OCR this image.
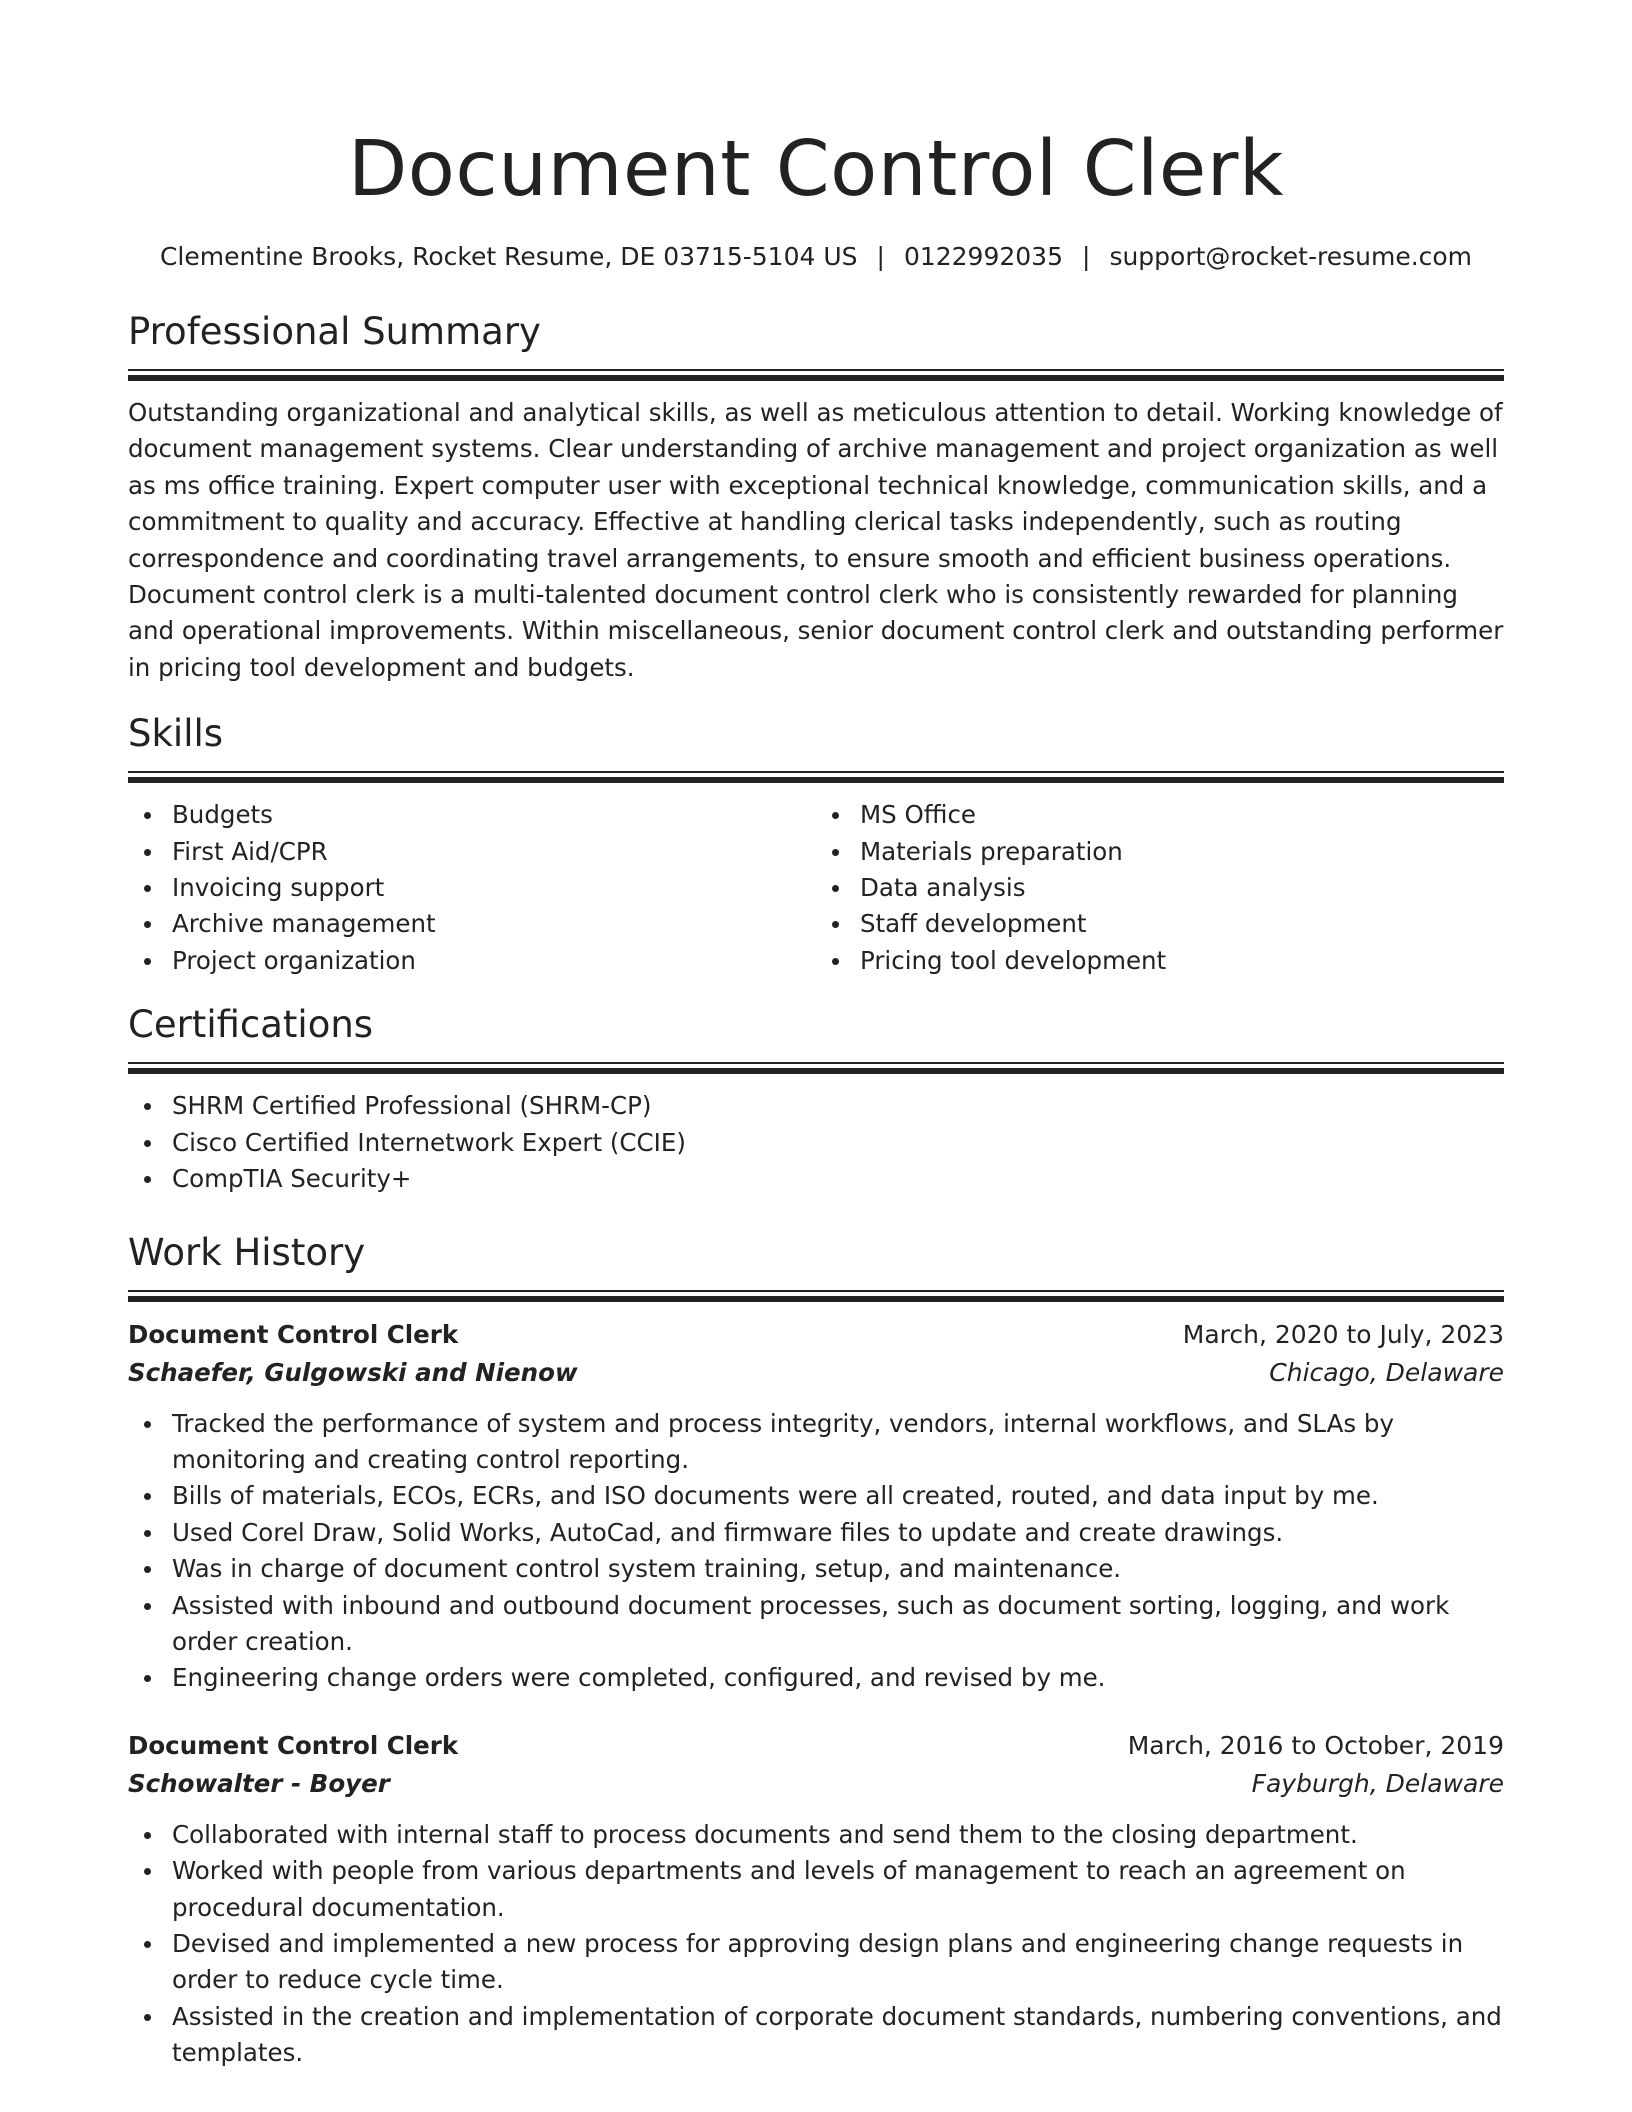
Document Control Clerk
Clementine Brooks, Rocket Resume, DE 03715-5104 US | 0122992035 | support@rocket-resume.com
Professional Summary

Outstanding organizational and analytical skills, as well as meticulous attention to detail. Working knowledge of document management systems. Clear understanding of archive management and project organization as well as ms office training. Expert computer user with exceptional technical knowledge, communication skills, and a commitment to quality and accuracy. Effective at handling clerical tasks independently, such as routing correspondence and coordinating travel arrangements, to ensure smooth and efficient business operations. Document control clerk is a multi-talented document control clerk who is consistently rewarded for planning and operational improvements. Within miscellaneous, senior document control clerk and outstanding performer in pricing tool development and budgets.

Skills
Budgets
First Aid/CPR
Invoicing support
Archive management
Project organization
MS Office
Materials preparation
Data analysis
Staff development
Pricing tool development
Certifications
SHRM Certified Professional (SHRM-CP)
Cisco Certified Internetwork Expert (CCIE)
CompTIA Security+
Work History
Document Control Clerk	March, 2020 to July, 2023
Schaefer, Gulgowski and Nienow	Chicago, Delaware
Tracked the performance of system and process integrity, vendors, internal workflows, and SLAs by monitoring and creating control reporting.
Bills of materials, ECOs, ECRs, and ISO documents were all created, routed, and data input by me.
Used Corel Draw, Solid Works, AutoCad, and firmware files to update and create drawings.
Was in charge of document control system training, setup, and maintenance.
Assisted with inbound and outbound document processes, such as document sorting, logging, and work order creation.
Engineering change orders were completed, configured, and revised by me.
Document Control Clerk	March, 2016 to October, 2019
Schowalter - Boyer	Fayburgh, Delaware
Collaborated with internal staff to process documents and send them to the closing department.
Worked with people from various departments and levels of management to reach an agreement on procedural documentation.
Devised and implemented a new process for approving design plans and engineering change requests in order to reduce cycle time.
Assisted in the creation and implementation of corporate document standards, numbering conventions, and templates.
